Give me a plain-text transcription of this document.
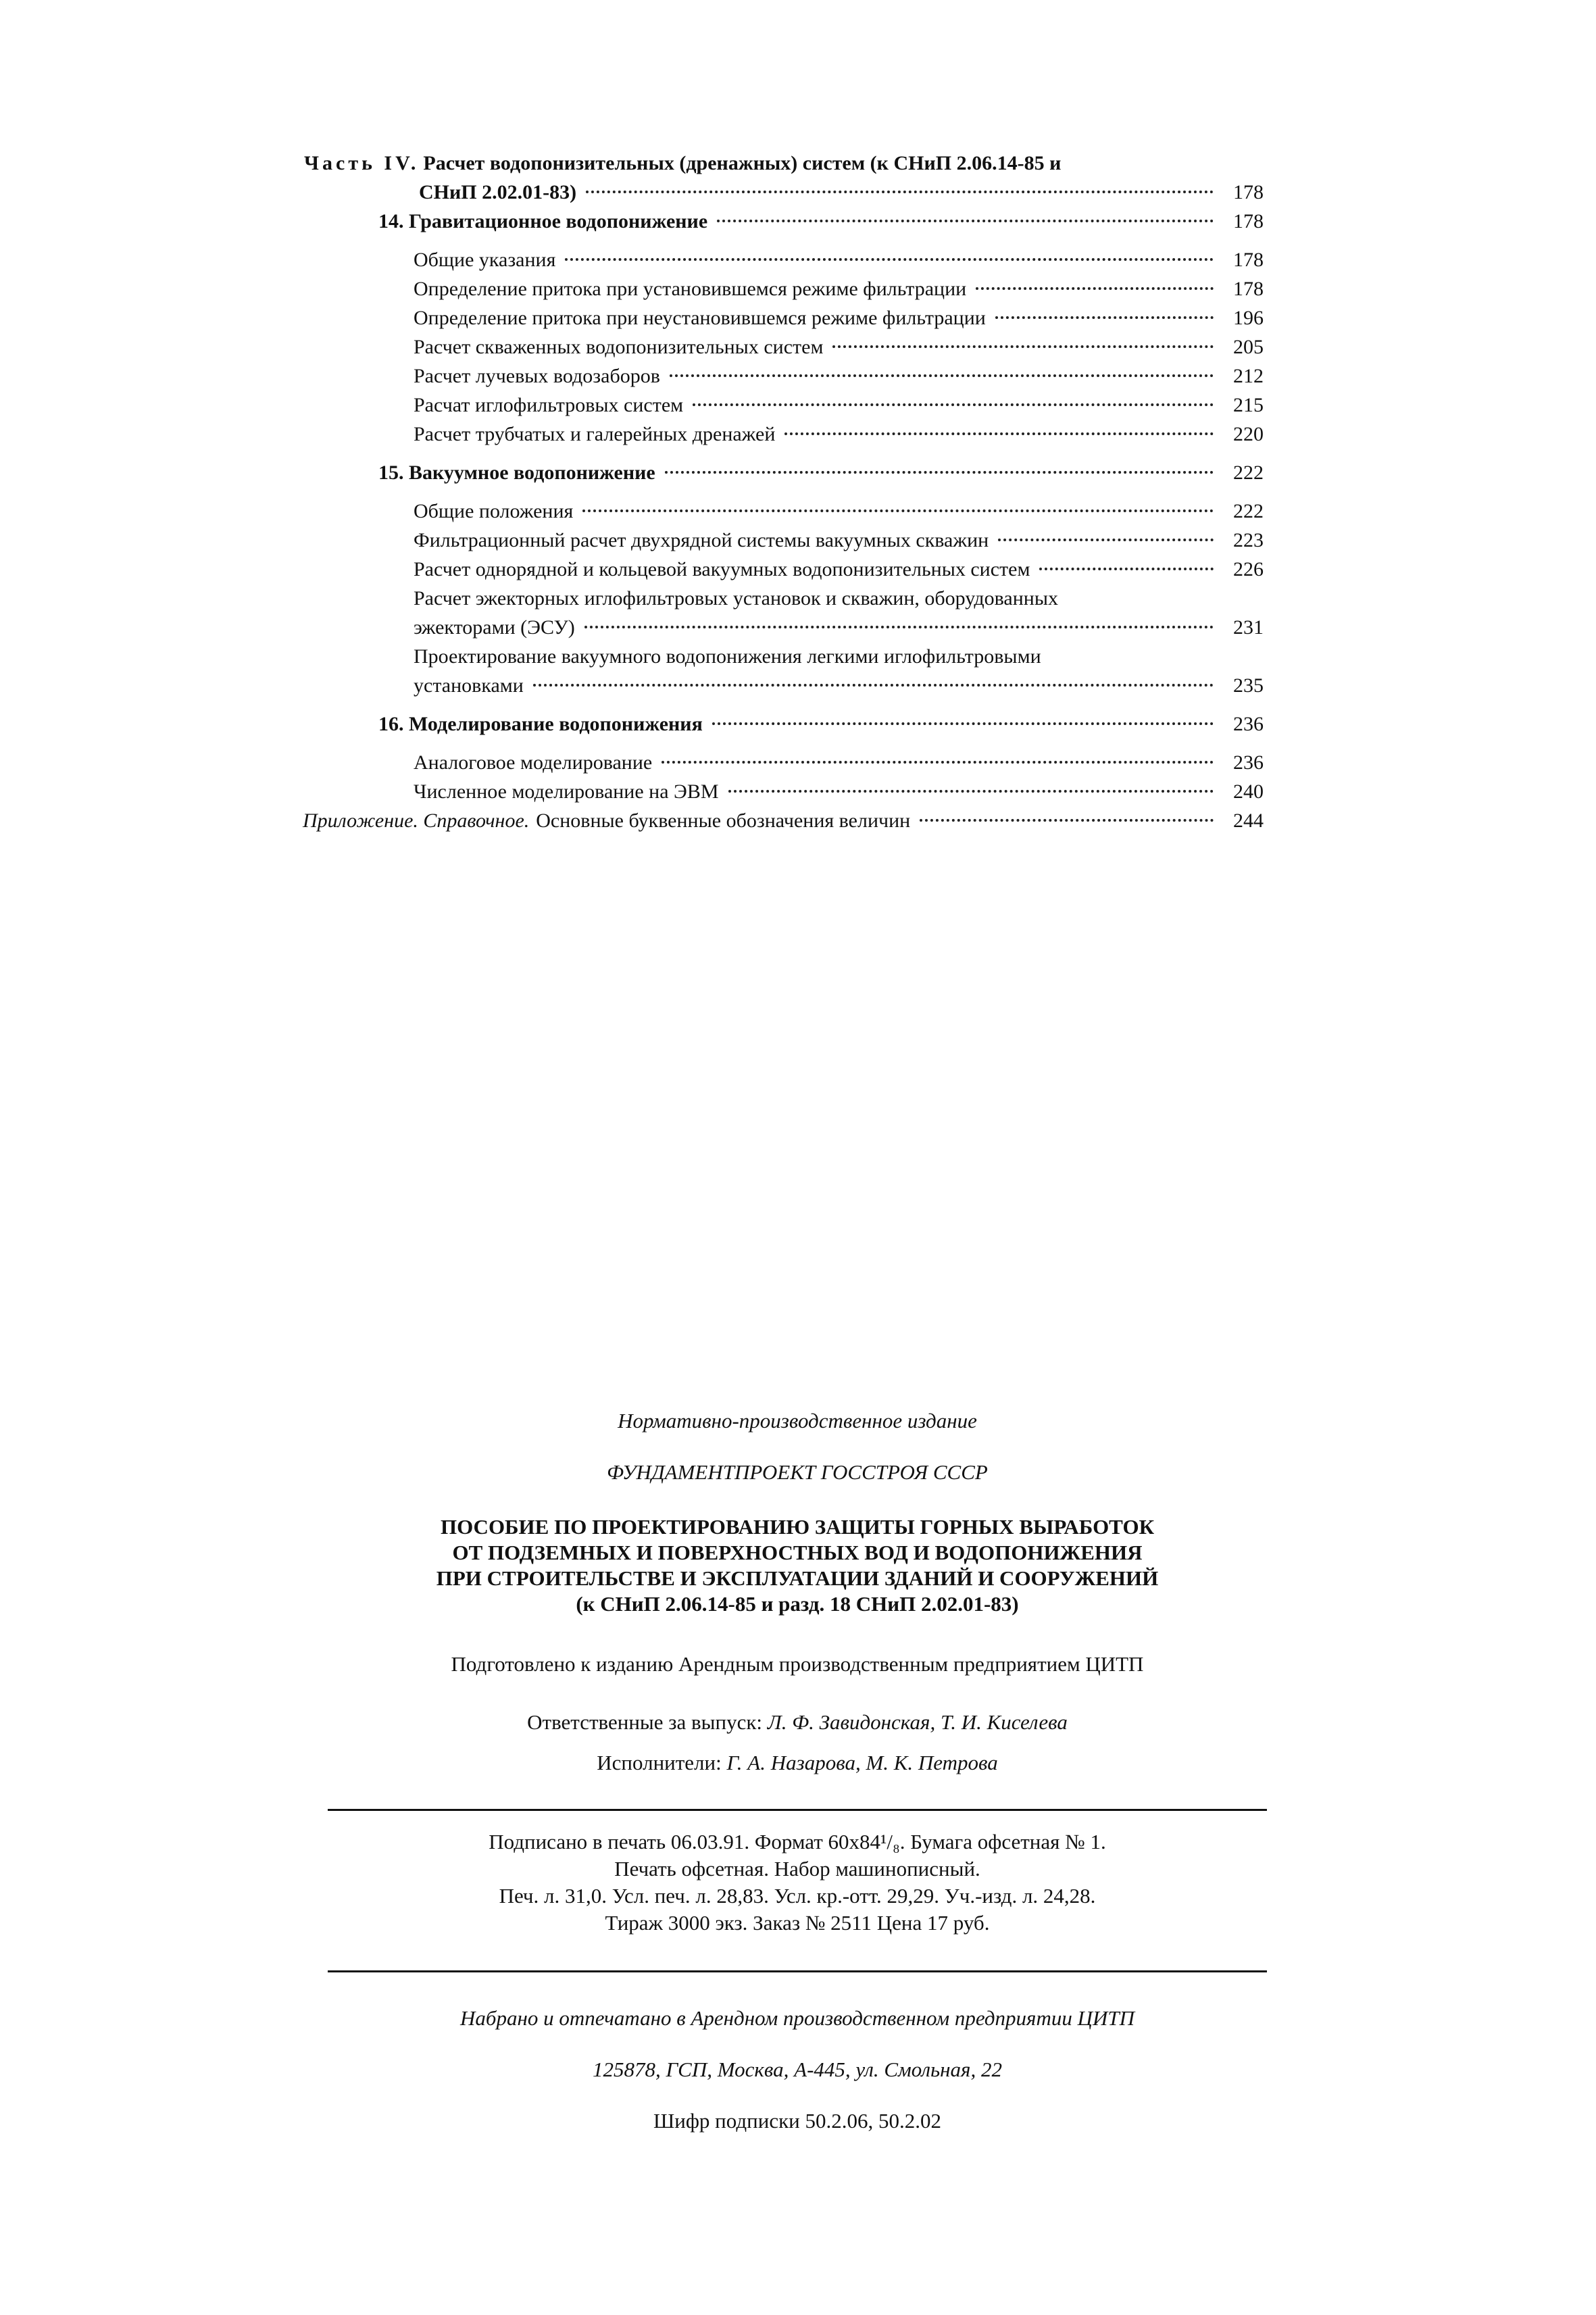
Часть IV. Расчет водопонизительных (дренажных) систем (к СНиП 2.06.14-85 и
СНиП 2.02.01-83)	178
14. Гравитационное водопонижение	178
Общие указания	178
Определение притока при установившемся режиме фильтрации	178
Определение притока при неустановившемся режиме фильтрации	196
Расчет скваженных водопонизительных систем	205
Расчет лучевых водозаборов	212
Расчат иглофильтровых систем	215
Расчет трубчатых и галерейных дренажей	220
15. Вакуумное водопонижение	222
Общие положения	222
Фильтрационный расчет двухрядной системы вакуумных скважин	223
Расчет однорядной и кольцевой вакуумных водопонизительных систем	226
Расчет эжекторных иглофильтровых установок и скважин, оборудованных
эжекторами (ЭСУ)	231
Проектирование вакуумного водопонижения легкими иглофильтровыми
установками	235
16. Моделирование водопонижения	236
Аналоговое моделирование	236
Численное моделирование на ЭВМ	240
Приложение. Справочное. Основные буквенные обозначения величин	244
Нормативно-производственное издание
ФУНДАМЕНТПРОЕКТ ГОССТРОЯ СССР
ПОСОБИЕ ПО ПРОЕКТИРОВАНИЮ ЗАЩИТЫ ГОРНЫХ ВЫРАБОТОК
ОТ ПОДЗЕМНЫХ И ПОВЕРХНОСТНЫХ ВОД И ВОДОПОНИЖЕНИЯ
ПРИ СТРОИТЕЛЬСТВЕ И ЭКСПЛУАТАЦИИ ЗДАНИЙ И СООРУЖЕНИЙ
(к СНиП 2.06.14-85 и разд. 18 СНиП 2.02.01-83)
Подготовлено к изданию Арендным производственным предприятием ЦИТП
Ответственные за выпуск: Л. Ф. Завидонская, Т. И. Киселева
Исполнители: Г. А. Назарова, М. К. Петрова
Подписано в печать 06.03.91. Формат 60x84¹/₈. Бумага офсетная № 1.
Печать офсетная. Набор машинописный.
Печ. л. 31,0. Усл. печ. л. 28,83. Усл. кр.-отт. 29,29. Уч.-изд. л. 24,28.
Тираж 3000 экз. Заказ № 2511 Цена 17 руб.
Набрано и отпечатано в Арендном производственном предприятии ЦИТП
125878, ГСП, Москва, А-445, ул. Смольная, 22
Шифр подписки 50.2.06, 50.2.02
